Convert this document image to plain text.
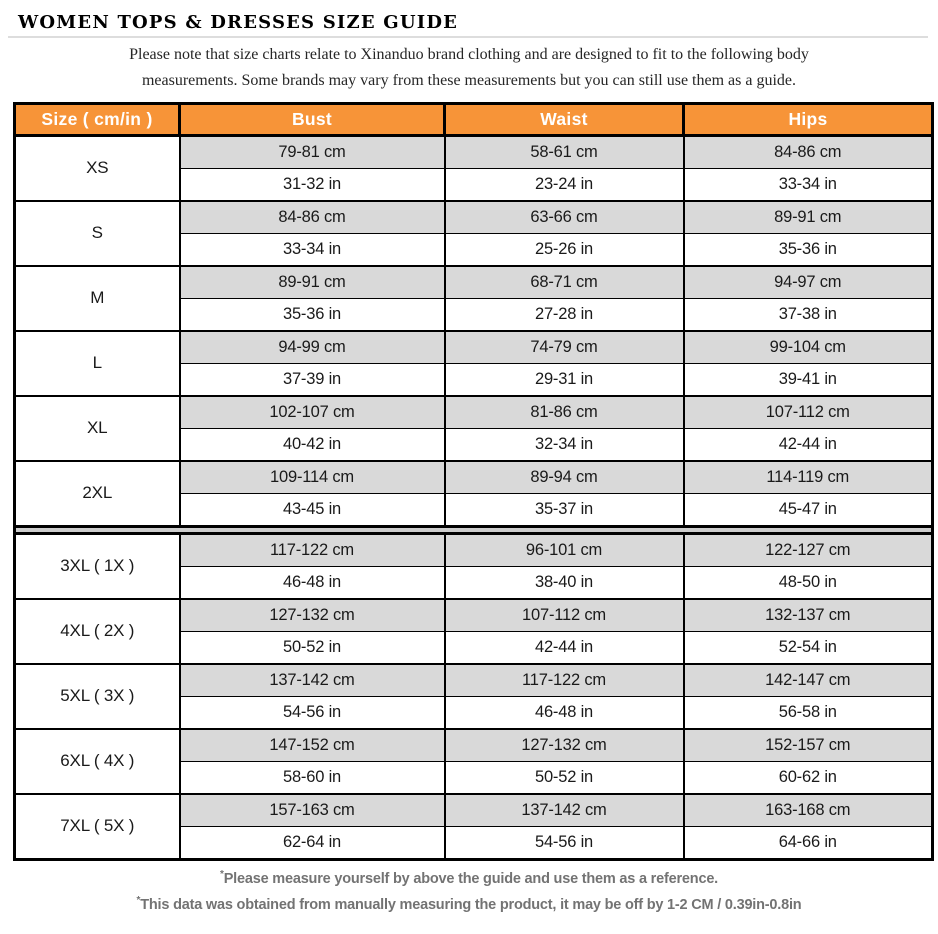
WOMEN TOPS & DRESSES SIZE GUIDE

Please note that size charts relate to Xinanduo brand clothing and are designed to fit to the following body
measurements. Some brands may vary from these measurements but you can still use them as a guide.

Size ( cm/in )	Bust	Waist	Hips
XS	79-81 cm	58-61 cm	84-86 cm
	31-32 in	23-24 in	33-34 in
S	84-86 cm	63-66 cm	89-91 cm
	33-34 in	25-26 in	35-36 in
M	89-91 cm	68-71 cm	94-97 cm
	35-36 in	27-28 in	37-38 in
L	94-99 cm	74-79 cm	99-104 cm
	37-39 in	29-31 in	39-41 in
XL	102-107 cm	81-86 cm	107-112 cm
	40-42 in	32-34 in	42-44 in
2XL	109-114 cm	89-94 cm	114-119 cm
	43-45 in	35-37 in	45-47 in

3XL ( 1X )	117-122 cm	96-101 cm	122-127 cm
	46-48 in	38-40 in	48-50 in
4XL ( 2X )	127-132 cm	107-112 cm	132-137 cm
	50-52 in	42-44 in	52-54 in
5XL ( 3X )	137-142 cm	117-122 cm	142-147 cm
	54-56 in	46-48 in	56-58 in
6XL ( 4X )	147-152 cm	127-132 cm	152-157 cm
	58-60 in	50-52 in	60-62 in
7XL ( 5X )	157-163 cm	137-142 cm	163-168 cm
	62-64 in	54-56 in	64-66 in
*Please measure yourself by above the guide and use them as a reference.
*This data was obtained from manually measuring the product, it may be off by 1-2 CM / 0.39in-0.8in
